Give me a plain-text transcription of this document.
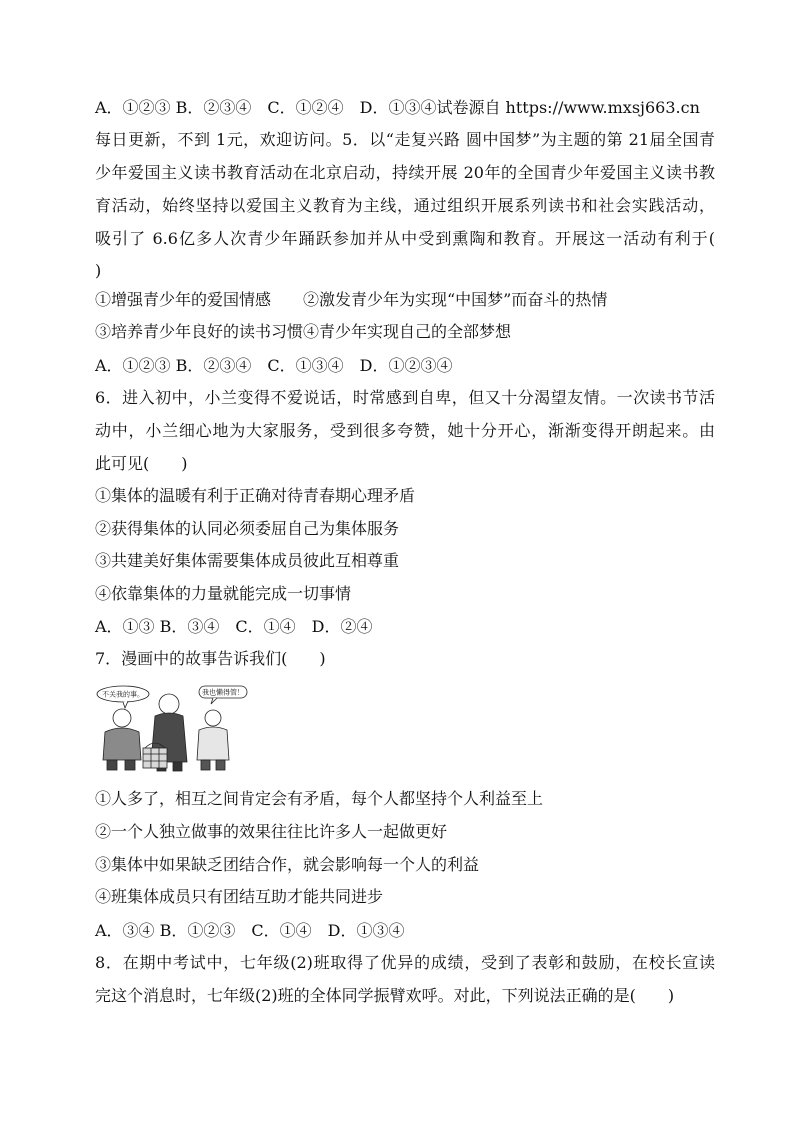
A．①②③ B．②③④　C．①②④　D．①③④试卷源自 https://www.mxsj663.cn
每日更新，不到 1元，欢迎访问。5．以“走复兴路 圆中国梦”为主题的第 21届全国青
少年爱国主义读书教育活动在北京启动，持续开展 20年的全国青少年爱国主义读书教
育活动，始终坚持以爱国主义教育为主线，通过组织开展系列读书和社会实践活动，
吸引了 6.6亿多人次青少年踊跃参加并从中受到熏陶和教育。开展这一活动有利于(
)
①增强青少年的爱国情感　　②激发青少年为实现“中国梦”而奋斗的热情
③培养青少年良好的读书习惯④青少年实现自己的全部梦想
A．①②③ B．②③④　C．①③④　D．①②③④
6．进入初中，小兰变得不爱说话，时常感到自卑，但又十分渴望友情。一次读书节活
动中，小兰细心地为大家服务，受到很多夸赞，她十分开心，渐渐变得开朗起来。由
此可见(　　)
①集体的温暖有利于正确对待青春期心理矛盾
②获得集体的认同必须委屈自己为集体服务
③共建美好集体需要集体成员彼此互相尊重
④依靠集体的力量就能完成一切事情
A．①③ B．③④　C．①④　D．②④
7．漫画中的故事告诉我们(　　)
不关我的事。	我也懒得管！
①人多了，相互之间肯定会有矛盾，每个人都坚持个人利益至上
②一个人独立做事的效果往往比许多人一起做更好
③集体中如果缺乏团结合作，就会影响每一个人的利益
④班集体成员只有团结互助才能共同进步
A．③④ B．①②③　C．①④　D．①③④
8．在期中考试中，七年级(2)班取得了优异的成绩，受到了表彰和鼓励，在校长宣读
完这个消息时，七年级(2)班的全体同学振臂欢呼。对此，下列说法正确的是(　　)
